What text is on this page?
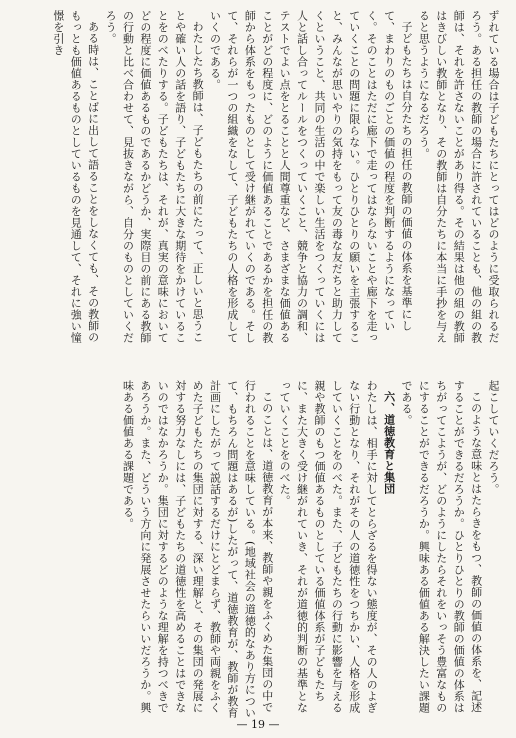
ずれている場合は子どもたちにとってはどのように受取られるだろう。ある担任の教師の場合に許されていることも、他の組の教師は、それを許さないことがあり得る。その結果は他の組の教師はきびしい教師となり、その教師は自分たちに本当に手抄を与えると思うようになるだろう。

子どもたちは自分たちの担任の教師の価値の体系を基準にして、まわりのものごとの価値の程度を判断するようになっていく。そのことはただに廊下で走ってはならないことや廊下を走っていくことの問題に限らない。ひとりひとりの願いを主張すること、みんなが思いやりの気持をもって友の毒な友だちと助力してくということ、共同の生活の中で楽しい生活をつくっていくには人と話し合ってルールをつくっていくこと、競争と協力の調和、テストでよい点をとることと人間尊重など、さまざまな価値あることがどの程度に、どのように価値あることであるかを担任の教師から体系をもったものとして受け継がれていくのである。そして、それらが一つの組織をなして、子どもたちの人格を形成していくのである。

わたしたち教師は、子どもたちの前にたって、正しいと思うことや確い人の話を語り、子どもたちに大きな期待をかけていることをのべたりする。子どもたちは、それが、真実の意味においてどの程度に価値あるものであるかどうか、実際目の前にある教師の行動と比べ合わせて、見抜きながら、自分のものとしていくだろう。

ある時は、ことばに出して語ることをしなくても、その教師のもっとも価値あるものとしているものを見通して、それに強い憧憬を引き

起こしていくだろう。

このような意味とはたらきをもつ、教師の価値の体系を、記述することができるだろうか。ひとりひとりの教師の価値の体系はちがってこようが、どのようにしたらそれをいっそう豊富なものにすることができるだろうか。興味ある価値ある解決したい課題である。

六、道徳教育と集団

わたしは、相手に対してとらざるを得ない態度が、その人のよぎない行動となり、それがその人の道徳性をつちかい、人格を形成していくことをのべた。また、子どもたちの行動に影響を与える親や教師のもつ価値あるものとしている価値体系が子どもたちに、また大きく受け継がれていき、それが道徳的判断の基準となっていくことをのべた。

このことは、道徳教育が本来、教師や親をふくめた集団の中で行われることを意味している。(地域社会の道徳的なあり方について、もちろん問題はあるが)したがって、道徳教育が、教師が教育計画にしたがって説話するだけにとどまらず、教師や両親をふくめた子どもたちの集団に対する、深い理解と、その集団の発展に対する努力なしには、子どもたちの道徳性を高めることはできないのではなかろうか。集団に対するどのような理解を持つべきであろうか。また、どういう方向に発展させたらいいだろうか。興味ある価値ある課題である。

— 19 —
